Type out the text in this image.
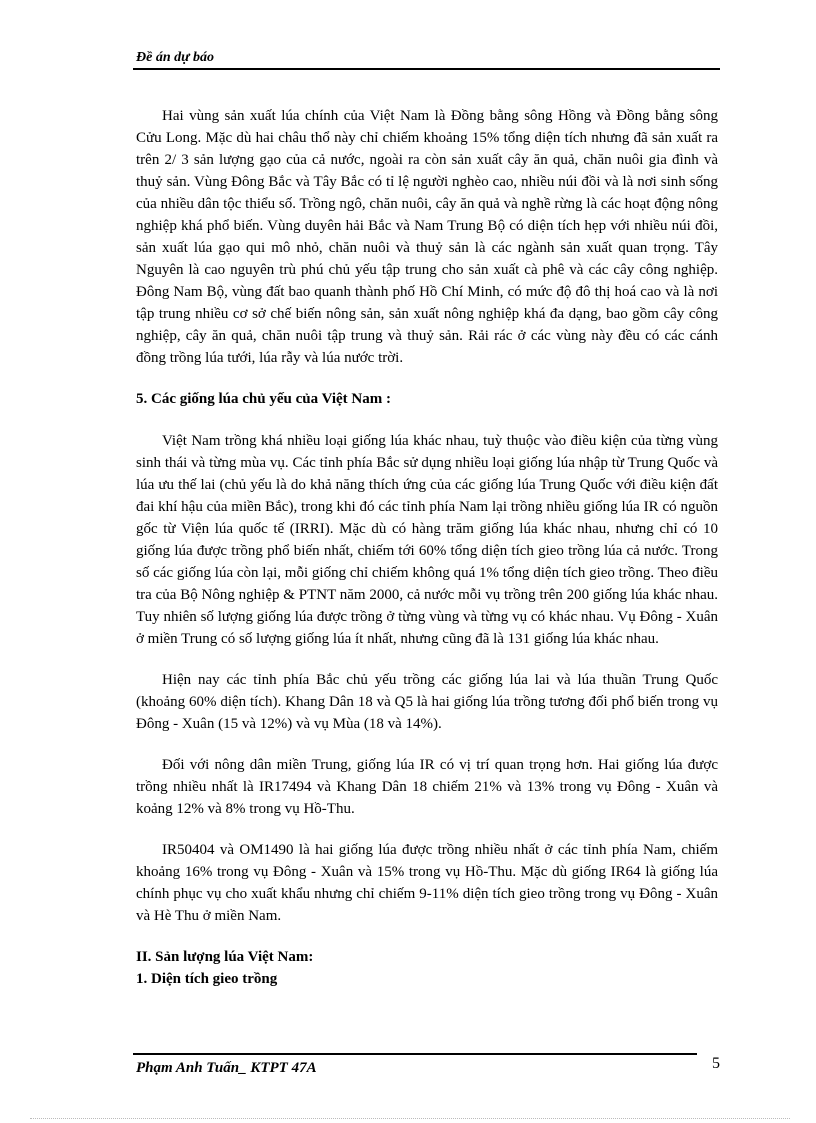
Đề án dự báo

Hai vùng sản xuất lúa chính của Việt Nam là Đồng bằng sông Hồng và Đồng bằng sông Cửu Long. Mặc dù hai châu thổ này chỉ chiếm khoảng 15% tổng diện tích nhưng đã sản xuất ra trên 2/ 3 sản lượng gạo của cả nước, ngoài ra còn sản xuất cây ăn quả, chăn nuôi gia đình và thuỷ sản. Vùng Đông Bắc và Tây Bắc có tỉ lệ người nghèo cao, nhiều núi đồi và là nơi sinh sống của nhiều dân tộc thiểu số. Trồng ngô, chăn nuôi, cây ăn quả và nghề rừng là các hoạt động nông nghiệp khá phổ biến. Vùng duyên hải Bắc và Nam Trung Bộ có diện tích hẹp với nhiều núi đồi, sản xuất lúa gạo qui mô nhỏ, chăn nuôi và thuỷ sản là các ngành sản xuất quan trọng. Tây Nguyên là cao nguyên trù phú chủ yếu tập trung cho sản xuất cà phê và các cây công nghiệp. Đông Nam Bộ, vùng đất bao quanh thành phố Hồ Chí Minh, có mức độ đô thị hoá cao và là nơi tập trung nhiều cơ sở chế biến nông sản, sản xuất nông nghiệp khá đa dạng, bao gồm cây công nghiệp, cây ăn quả, chăn nuôi tập trung và thuỷ sản. Rải rác ở các vùng này đều có các cánh đồng trồng lúa tưới, lúa rẫy và lúa nước trời.

5. Các giống lúa chủ yếu của Việt Nam :

Việt Nam trồng khá nhiều loại giống lúa khác nhau, tuỳ thuộc vào điều kiện của từng vùng sinh thái và từng mùa vụ. Các tỉnh phía Bắc sử dụng nhiều loại giống lúa nhập từ Trung Quốc và lúa ưu thế lai (chủ yếu là do khả năng thích ứng của các giống lúa Trung Quốc với điều kiện đất đai khí hậu của miền Bắc), trong khi đó các tỉnh phía Nam lại trồng nhiều giống lúa IR có nguồn gốc từ Viện lúa quốc tế (IRRI). Mặc dù có hàng trăm giống lúa khác nhau, nhưng chỉ có 10 giống lúa được trồng phổ biến nhất, chiếm tới 60% tổng diện tích gieo trồng lúa cả nước. Trong số các giống lúa còn lại, mỗi giống chỉ chiếm không quá 1% tổng diện tích gieo trồng. Theo điều tra của Bộ Nông nghiệp & PTNT năm 2000, cả nước mỗi vụ trồng trên 200 giống lúa khác nhau. Tuy nhiên số lượng giống lúa được trồng ở từng vùng và từng vụ có khác nhau. Vụ Đông - Xuân ở miền Trung có số lượng giống lúa ít nhất, nhưng cũng đã là 131 giống lúa khác nhau.

Hiện nay các tỉnh phía Bắc chủ yếu trồng các giống lúa lai và lúa thuần Trung Quốc (khoảng 60% diện tích). Khang Dân 18 và Q5 là hai giống lúa trồng tương đối phổ biến trong vụ Đông - Xuân (15 và 12%) và vụ Mùa (18 và 14%).

Đối với nông dân miền Trung, giống lúa IR có vị trí quan trọng hơn. Hai giống lúa được trồng nhiều nhất là IR17494 và Khang Dân 18 chiếm 21% và 13% trong vụ Đông - Xuân và koảng 12% và 8% trong vụ Hồ-Thu.

IR50404 và OM1490 là hai giống lúa được trồng nhiều nhất ở các tỉnh phía Nam, chiếm khoảng 16% trong vụ Đông - Xuân và 15% trong vụ Hồ-Thu. Mặc dù giống IR64 là giống lúa chính phục vụ cho xuất khẩu nhưng chỉ chiếm 9-11% diện tích gieo trồng trong vụ Đông - Xuân và Hè Thu ở miền Nam.

II. Sản lượng lúa Việt Nam:
1. Diện tích gieo trồng
Phạm Anh Tuấn_ KTPT 47A	5
